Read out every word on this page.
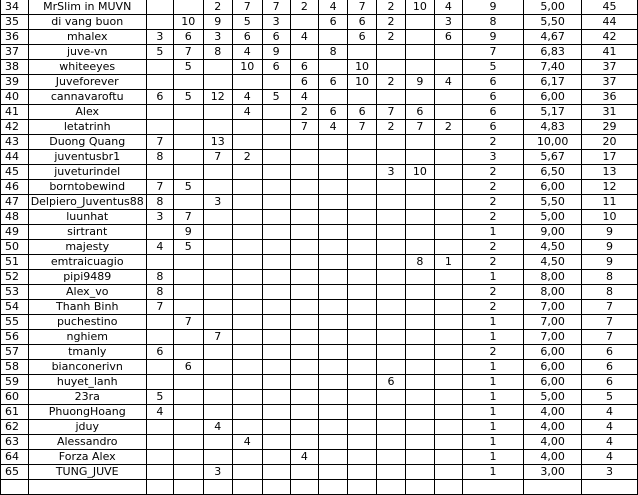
34	MrSlim in MUVN			2	7	7	2	4	7	2	10	4	9	5,00	45
35	di vang buon		10	9	5	3		6	6	2		3	8	5,50	44
36	mhalex	3	6	3	6	6	4		6	2		6	9	4,67	42
37	juve-vn	5	7	8	4	9		8					7	6,83	41
38	whiteeyes		5		10	6	6		10				5	7,40	37
39	Juveforever						6	6	10	2	9	4	6	6,17	37
40	cannavaroftu	6	5	12	4	5	4						6	6,00	36
41	Alex				4		2	6	6	7	6		6	5,17	31
42	letatrinh						7	4	7	2	7	2	6	4,83	29
43	Duong Quang	7		13									2	10,00	20
44	juventusbr1	8		7	2								3	5,67	17
45	juveturindel									3	10		2	6,50	13
46	borntobewind	7	5										2	6,00	12
47	Delpiero_Juventus88	8		3									2	5,50	11
48	luunhat	3	7										2	5,00	10
49	sirtrant		9										1	9,00	9
50	majesty	4	5										2	4,50	9
51	emtraicuagio										8	1	2	4,50	9
52	pipi9489	8											1	8,00	8
53	Alex_vo	8											2	8,00	8
54	Thanh Binh	7											2	7,00	7
55	puchestino		7										1	7,00	7
56	nghiem			7									1	7,00	7
57	tmanly	6											2	6,00	6
58	bianconerivn		6										1	6,00	6
59	huyet_lanh									6			1	6,00	6
60	23ra	5											1	5,00	5
61	PhuongHoang	4											1	4,00	4
62	jduy			4									1	4,00	4
63	Alessandro				4								1	4,00	4
64	Forza Alex						4						1	4,00	4
65	TUNG_JUVE			3									1	3,00	3
